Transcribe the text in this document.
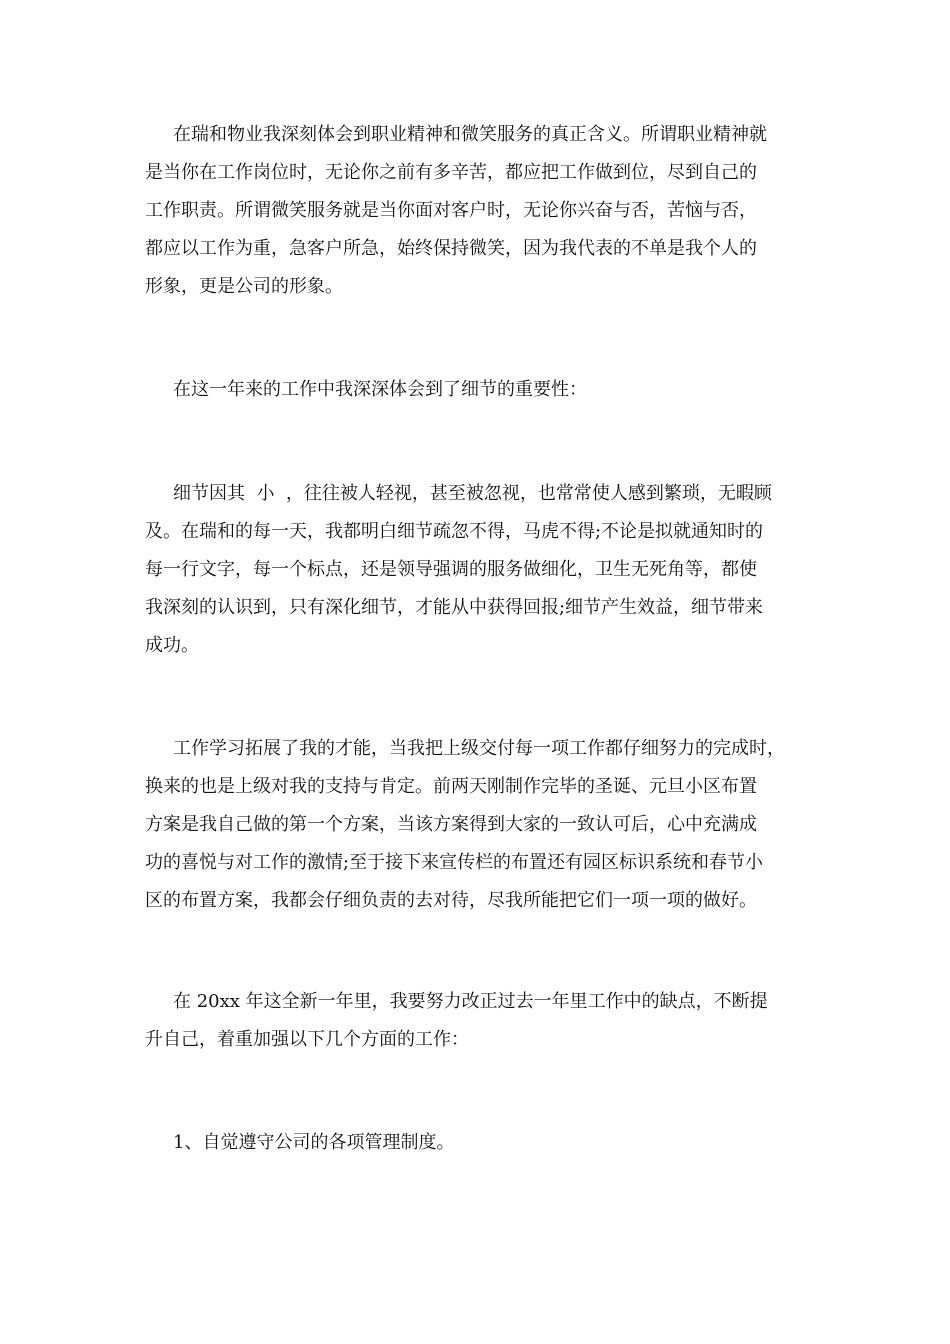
在瑞和物业我深刻体会到职业精神和微笑服务的真正含义。所谓职业精神就
是当你在工作岗位时，无论你之前有多辛苦，都应把工作做到位，尽到自己的
工作职责。所谓微笑服务就是当你面对客户时，无论你兴奋与否，苦恼与否，
都应以工作为重，急客户所急，始终保持微笑，因为我代表的不单是我个人的
形象，更是公司的形象。
在这一年来的工作中我深深体会到了细节的重要性：
细节因其  小  ，往往被人轻视，甚至被忽视，也常常使人感到繁琐，无暇顾
及。在瑞和的每一天，我都明白细节疏忽不得，马虎不得;不论是拟就通知时的
每一行文字，每一个标点，还是领导强调的服务做细化，卫生无死角等，都使
我深刻的认识到，只有深化细节，才能从中获得回报;细节产生效益，细节带来
成功。
工作学习拓展了我的才能，当我把上级交付每一项工作都仔细努力的完成时，
换来的也是上级对我的支持与肯定。前两天刚制作完毕的圣诞、元旦小区布置
方案是我自己做的第一个方案，当该方案得到大家的一致认可后，心中充满成
功的喜悦与对工作的激情;至于接下来宣传栏的布置还有园区标识系统和春节小
区的布置方案，我都会仔细负责的去对待，尽我所能把它们一项一项的做好。
在 20xx 年这全新一年里，我要努力改正过去一年里工作中的缺点，不断提
升自己，着重加强以下几个方面的工作：
1、自觉遵守公司的各项管理制度。
